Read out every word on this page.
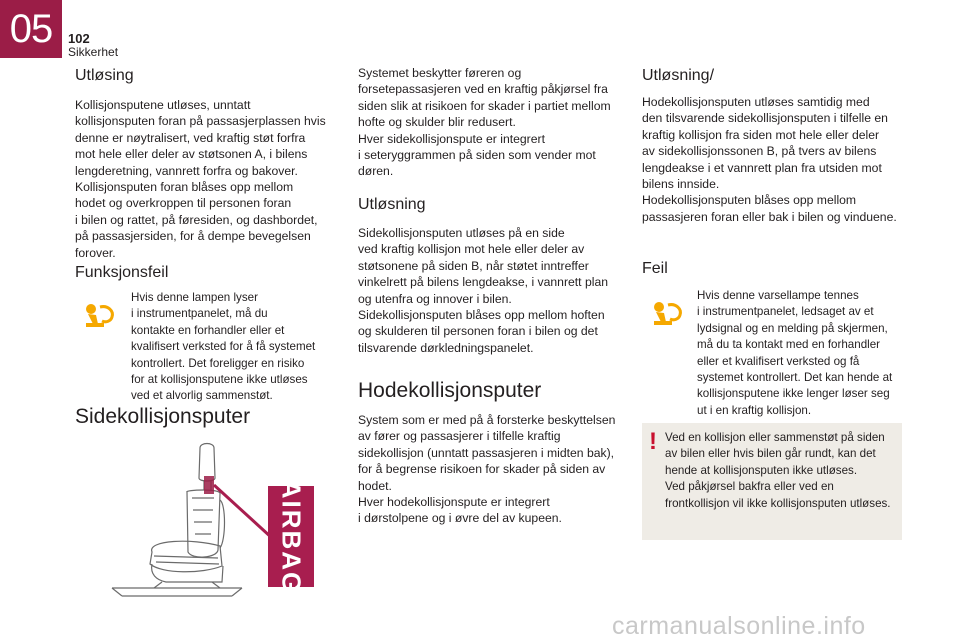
05	102
Sikkerhet
Utløsing

Kollisjonsputene utløses, unntatt

kollisjonsputen foran på passasjerplassen hvis

denne er nøytralisert, ved kraftig støt forfra

mot hele eller deler av støtsonen A, i bilens

lengderetning, vannrett forfra og bakover.

Kollisjonsputen foran blåses opp mellom

hodet og overkroppen til personen foran

i bilen og rattet, på føresiden, og dashbordet,

på passasjersiden, for å dempe bevegelsen

forover.

Funksjonsfeil

Hvis denne lampen lyser

i instrumentpanelet, må du

kontakte en forhandler eller et

kvalifisert verksted for å få systemet

kontrollert. Det foreligger en risiko

for at kollisjonsputene ikke utløses

ved et alvorlig sammenstøt.

Sidekollisjonsputer
AIRBAG

Systemet beskytter føreren og

forsetepassasjeren ved en kraftig påkjørsel fra

siden slik at risikoen for skader i partiet mellom

hofte og skulder blir redusert.

Hver sidekollisjonspute er integrert

i seteryggrammen på siden som vender mot

døren.

Utløsning

Sidekollisjonsputen utløses på en side

ved kraftig kollisjon mot hele eller deler av

støtsonene på siden B, når støtet inntreffer

vinkelrett på bilens lengdeakse, i vannrett plan

og utenfra og innover i bilen.

Sidekollisjonsputen blåses opp mellom hoften

og skulderen til personen foran i bilen og det

tilsvarende dørkledningspanelet.

Hodekollisjonsputer

System som er med på å forsterke beskyttelsen

av fører og passasjerer i tilfelle kraftig

sidekollisjon (unntatt passasjeren i midten bak),

for å begrense risikoen for skader på siden av

hodet.

Hver hodekollisjonspute er integrert

i dørstolpene og i øvre del av kupeen.

Utløsning/

Hodekollisjonsputen utløses samtidig med

den tilsvarende sidekollisjonsputen i tilfelle en

kraftig kollisjon fra siden mot hele eller deler

av sidekollisjonssonen B, på tvers av bilens

lengdeakse i et vannrett plan fra utsiden mot

bilens innside.

Hodekollisjonsputen blåses opp mellom

passasjeren foran eller bak i bilen og vinduene.

Feil

Hvis denne varsellampe tennes

i instrumentpanelet, ledsaget av et

lydsignal og en melding på skjermen,

må du ta kontakt med en forhandler

eller et kvalifisert verksted og få

systemet kontrollert. Det kan hende at

kollisjonsputene ikke lenger løser seg

ut i en kraftig kollisjon.

! Ved en kollisjon eller sammenstøt på siden

av bilen eller hvis bilen går rundt, kan det

hende at kollisjonsputen ikke utløses.

Ved påkjørsel bakfra eller ved en

frontkollisjon vil ikke kollisjonsputen utløses.

carmanualsonline.info
